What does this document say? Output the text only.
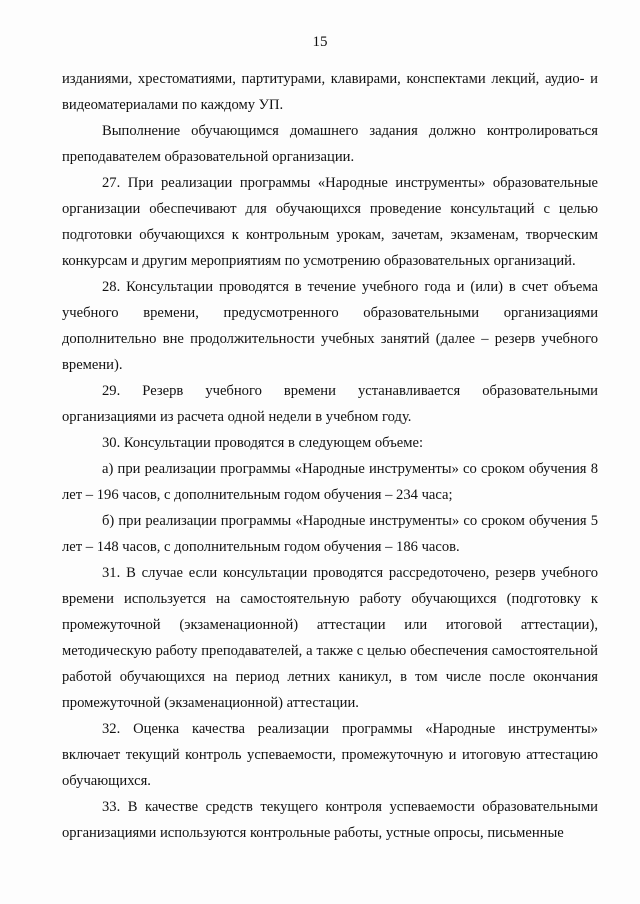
15

изданиями, хрестоматиями, партитурами, клавирами, конспектами лекций, аудио- и видеоматериалами по каждому УП.

Выполнение обучающимся домашнего задания должно контролироваться преподавателем образовательной организации.

27. При реализации программы «Народные инструменты» образовательные организации обеспечивают для обучающихся проведение консультаций с целью подготовки обучающихся к контрольным урокам, зачетам, экзаменам, творческим конкурсам и другим мероприятиям по усмотрению образовательных организаций.

28. Консультации проводятся в течение учебного года и (или) в счет объема учебного времени, предусмотренного образовательными организациями дополнительно вне продолжительности учебных занятий (далее – резерв учебного времени).

29. Резерв учебного времени устанавливается образовательными организациями из расчета одной недели в учебном году.

30. Консультации проводятся в следующем объеме:

а) при реализации программы «Народные инструменты» со сроком обучения 8 лет – 196 часов, с дополнительным годом обучения – 234 часа;

б) при реализации программы «Народные инструменты» со сроком обучения 5 лет – 148 часов, с дополнительным годом обучения – 186 часов.

31. В случае если консультации проводятся рассредоточено, резерв учебного времени используется на самостоятельную работу обучающихся (подготовку к промежуточной (экзаменационной) аттестации или итоговой аттестации), методическую работу преподавателей, а также с целью обеспечения самостоятельной работой обучающихся на период летних каникул, в том числе после окончания промежуточной (экзаменационной) аттестации.

32. Оценка качества реализации программы «Народные инструменты» включает текущий контроль успеваемости, промежуточную и итоговую аттестацию обучающихся.

33. В качестве средств текущего контроля успеваемости образовательными организациями используются контрольные работы, устные опросы, письменные
